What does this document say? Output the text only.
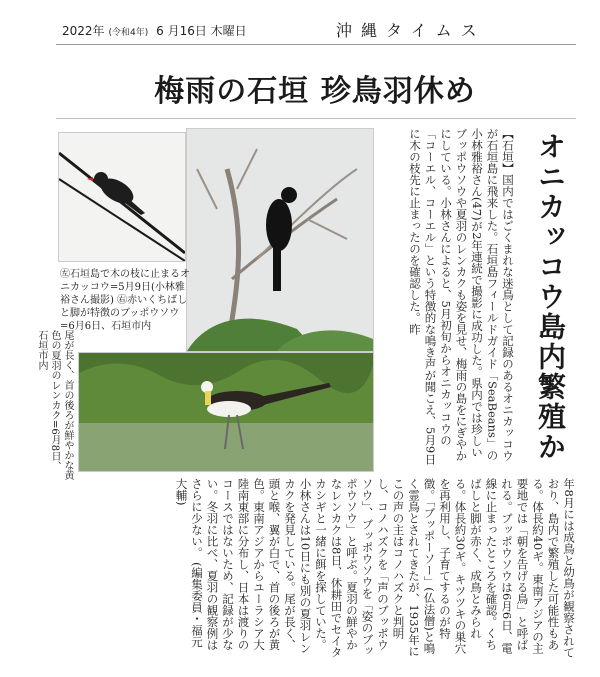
2022年 (令和4年) 6 月16日 木曜日	沖縄タイムス
梅雨の石垣 珍鳥羽休め
㊧石垣島で木の枝に止まるオニカッコウ=5月9日(小林雅裕さん撮影) ㊨赤いくちばしと脚が特徴のブッポウソウ=6月6日、石垣市内
尾が長く、首の後ろが鮮やかな黄色の夏羽のレンカク=6月8日、石垣市内	オニカッコウ島内繁殖か
【石垣】国内ではごくまれな迷鳥として記録のあるオニカッコウが石垣島に飛来した。石垣島フィールドガイド「SeaBeans」の小林雅裕さん(47)が2年連続で撮影に成功した。県内では珍しいブッポウソウや夏羽のレンカクも姿を見せ、梅雨の島をにぎやかにしている。小林さんによると、5月初旬からオニカッコウの「コーエル、コーエル」という特徴的な鳴き声が聞こえ、5月9日に木の枝先に止まったのを確認した。昨
年8月には成鳥と幼鳥が観察されており、島内で繁殖した可能性もある。体長約40ギ。東南アジアの主要地では「朝を告げる鳥」と呼ばれる。ブッポウソウは6月6日、電線に止まったところを確認。くちばしと脚が赤く、成鳥とみられる。体長約30ギ。キツツキの巣穴を再利用し、子育てするのが特徴。「ブッポーソー」(仏法僧)と鳴く霊鳥とされてきたが、1935年にこの声の主はコノハズクと判明し、コノハズクを「声のブッポウソウ」、ブッポウソウを「姿のブッポウソウ」と呼ぶ。夏羽の鮮やかなレンカクは8日、休耕田でセイタカシギと一緒に餌を探していた。小林さんは10日にも別の夏羽レンカクを発見している。尾が長く、頭と喉、翼が白で、首の後ろが黄色。東南アジアからユーラシア大陸南東部に分布し、日本は渡りのコースではないため、記録が少ない。冬羽に比べ、夏羽の観察例はさらに少ない。 (編集委員・福元大輔)
